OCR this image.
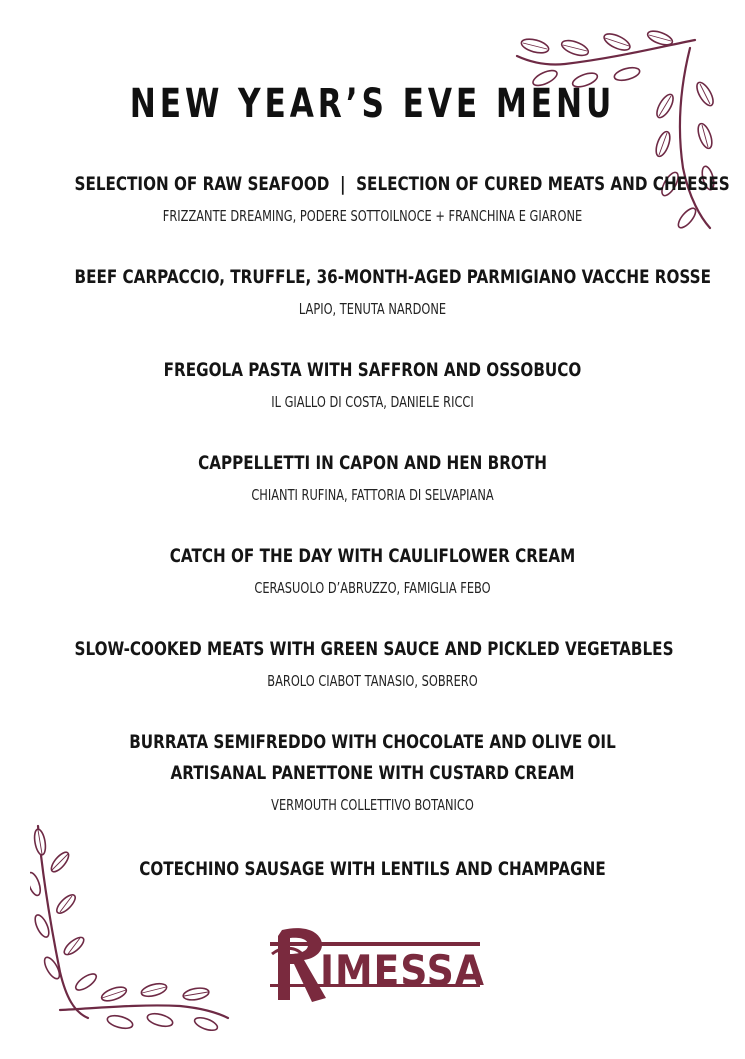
NEW YEAR’S EVE MENU
SELECTION OF RAW SEAFOOD  |  SELECTION OF CURED MEATS AND CHEESES
FRIZZANTE DREAMING, PODERE SOTTOILNOCE + FRANCHINA E GIARONE
BEEF CARPACCIO, TRUFFLE, 36-MONTH-AGED PARMIGIANO VACCHE ROSSE
LAPIO, TENUTA NARDONE
FREGOLA PASTA WITH SAFFRON AND OSSOBUCO
IL GIALLO DI COSTA, DANIELE RICCI
CAPPELLETTI IN CAPON AND HEN BROTH
CHIANTI RUFINA, FATTORIA DI SELVAPIANA
CATCH OF THE DAY WITH CAULIFLOWER CREAM
CERASUOLO D’ABRUZZO, FAMIGLIA FEBO
SLOW-COOKED MEATS WITH GREEN SAUCE AND PICKLED VEGETABLES
BAROLO CIABOT TANASIO, SOBRERO
BURRATA SEMIFREDDO WITH CHOCOLATE AND OLIVE OIL
ARTISANAL PANETTONE WITH CUSTARD CREAM
VERMOUTH COLLETTIVO BOTANICO
COTECHINO SAUSAGE WITH LENTILS AND CHAMPAGNE
IMESSA
